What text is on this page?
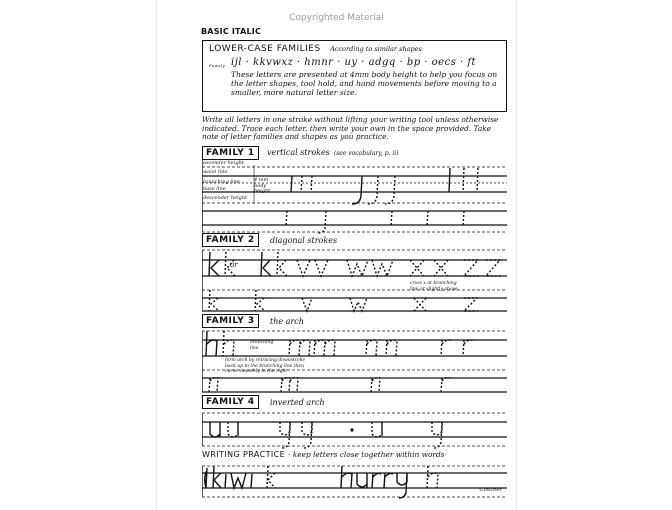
Copyrighted Material
BASIC ITALIC
LOWER-CASE FAMILIES According to similar shapes
Family ijl · kkvwxz · hmnr · uy · adgq · bp · oecs · ft
These letters are presented at 4mm body height to help you focus on the letter shapes, tool hold, and hand movements before moving to a smaller, more natural letter size.
Write all letters in one stroke without lifting your writing tool unless otherwise indicated. Trace each letter, then write your own in the space provided. Take note of letter families and shapes as you practice.
FAMILY 1	vertical strokes (see vocabulary, p. ii)
ascender height
waist line
branching line
base line
descender height
4 mm body height
FAMILY 2	diagonal strokes
or
cross x at branching line or slightly above
FAMILY 3	the arch
branching line
form arch by retracing downstroke back up to the branching line then curve smoothly to the right
FAMILY 4	inverted arch
WRITING PRACTICE · keep letters close together within words
©Inklines
